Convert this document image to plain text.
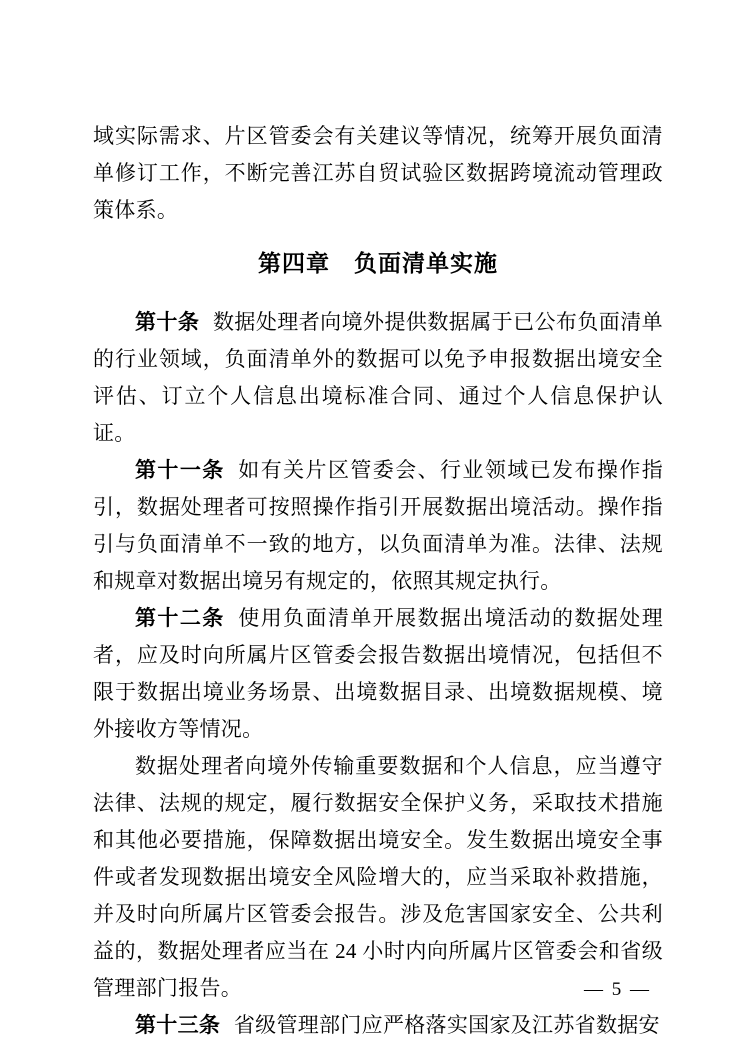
域实际需求、片区管委会有关建议等情况，统筹开展负面清单修订工作，不断完善江苏自贸试验区数据跨境流动管理政策体系。

第四章　负面清单实施

第十条 数据处理者向境外提供数据属于已公布负面清单的行业领域，负面清单外的数据可以免予申报数据出境安全评估、订立个人信息出境标准合同、通过个人信息保护认证。

第十一条 如有关片区管委会、行业领域已发布操作指引，数据处理者可按照操作指引开展数据出境活动。操作指引与负面清单不一致的地方，以负面清单为准。法律、法规和规章对数据出境另有规定的，依照其规定执行。

第十二条 使用负面清单开展数据出境活动的数据处理者，应及时向所属片区管委会报告数据出境情况，包括但不限于数据出境业务场景、出境数据目录、出境数据规模、境外接收方等情况。

数据处理者向境外传输重要数据和个人信息，应当遵守法律、法规的规定，履行数据安全保护义务，采取技术措施和其他必要措施，保障数据出境安全。发生数据出境安全事件或者发现数据出境安全风险增大的，应当采取补救措施，并及时向所属片区管委会报告。涉及危害国家安全、公共利益的，数据处理者应当在 24 小时内向所属片区管委会和省级管理部门报告。

第十三条 省级管理部门应严格落实国家及江苏省数据安

— 5 —
